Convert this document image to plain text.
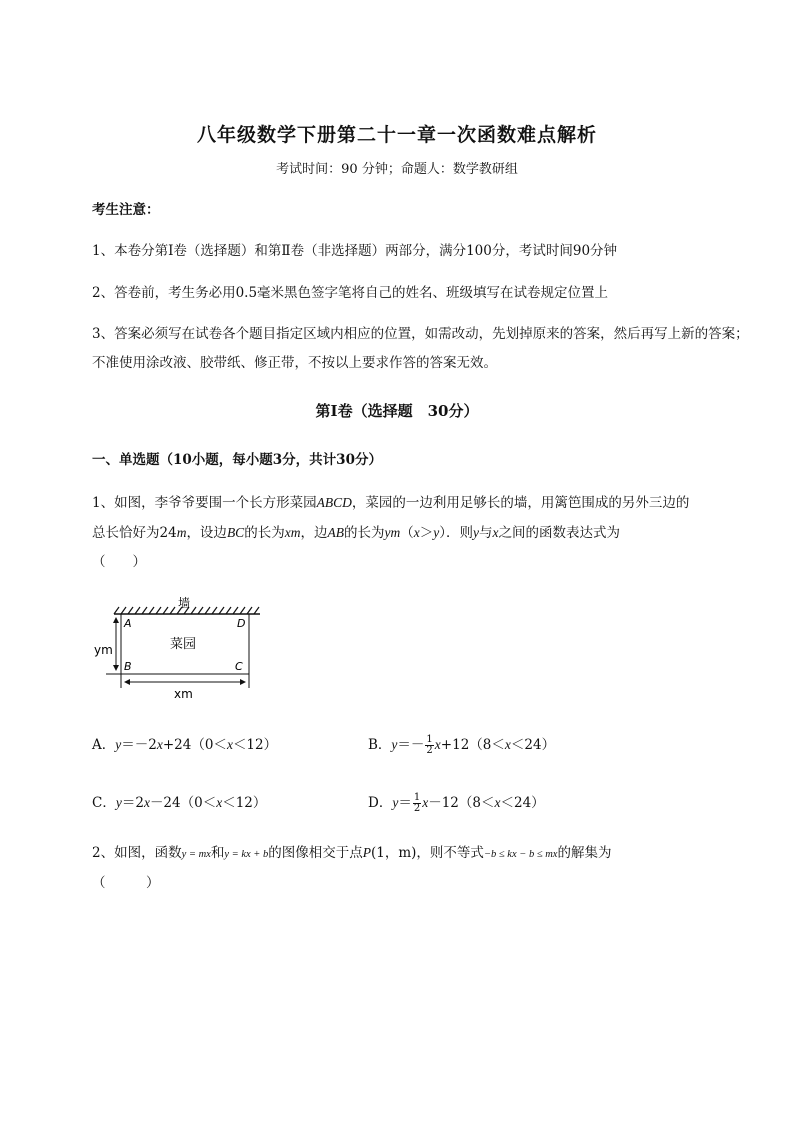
八年级数学下册第二十一章一次函数难点解析
考试时间：90 分钟；命题人：数学教研组
考生注意：
1、本卷分第Ⅰ卷（选择题）和第Ⅱ卷（非选择题）两部分，满分100分，考试时间90分钟
2、答卷前，考生务必用0.5毫米黑色签字笔将自己的姓名、班级填写在试卷规定位置上
3、答案必须写在试卷各个题目指定区域内相应的位置，如需改动，先划掉原来的答案，然后再写上新的答案；不准使用涂改液、胶带纸、修正带，不按以上要求作答的答案无效。
第Ⅰ卷（选择题　30分）
一、单选题（10小题，每小题3分，共计30分）
1、如图，李爷爷要围一个长方形菜园ABCD，菜园的一边利用足够长的墙，用篱笆围成的另外三边的
总长恰好为24m，设边BC的长为xm，边AB的长为ym（x＞y）．则y与x之间的函数表达式为
（　　）
墙
A	D
B	C
菜园
ym
xm
A．y＝－2x+24（0＜x＜12）	B．$y=- \frac{1}{2} x+12(8<x<24)$
C．y＝2x－24（0＜x＜12）	D．$y= \frac{1}{2} x-12(8<x<24)$
2、如图，函数y = mx和y = kx + b的图像相交于点P(1，m)，则不等式−b ≤ kx − b ≤ mx的解集为
（　　　）
